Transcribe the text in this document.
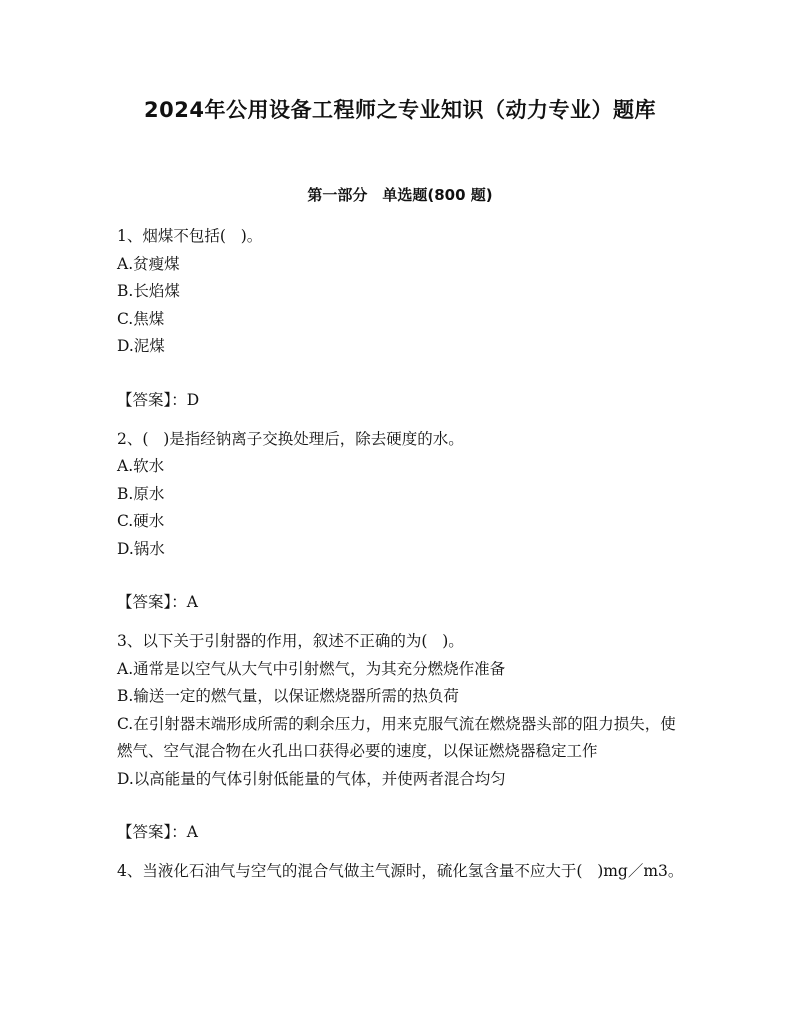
2024年公用设备工程师之专业知识（动力专业）题库
第一部分　单选题(800 题)
1、烟煤不包括(   )。
A.贫瘦煤
B.长焰煤
C.焦煤
D.泥煤
【答案】：D
2、(   )是指经钠离子交换处理后，除去硬度的水。
A.软水
B.原水
C.硬水
D.锅水
【答案】：A
3、以下关于引射器的作用，叙述不正确的为(   )。
A.通常是以空气从大气中引射燃气，为其充分燃烧作准备
B.输送一定的燃气量，以保证燃烧器所需的热负荷
C.在引射器末端形成所需的剩余压力，用来克服气流在燃烧器头部的阻力损失，使燃气、空气混合物在火孔出口获得必要的速度，以保证燃烧器稳定工作
D.以高能量的气体引射低能量的气体，并使两者混合均匀
【答案】：A
4、当液化石油气与空气的混合气做主气源时，硫化氢含量不应大于(   )mg／m3。
